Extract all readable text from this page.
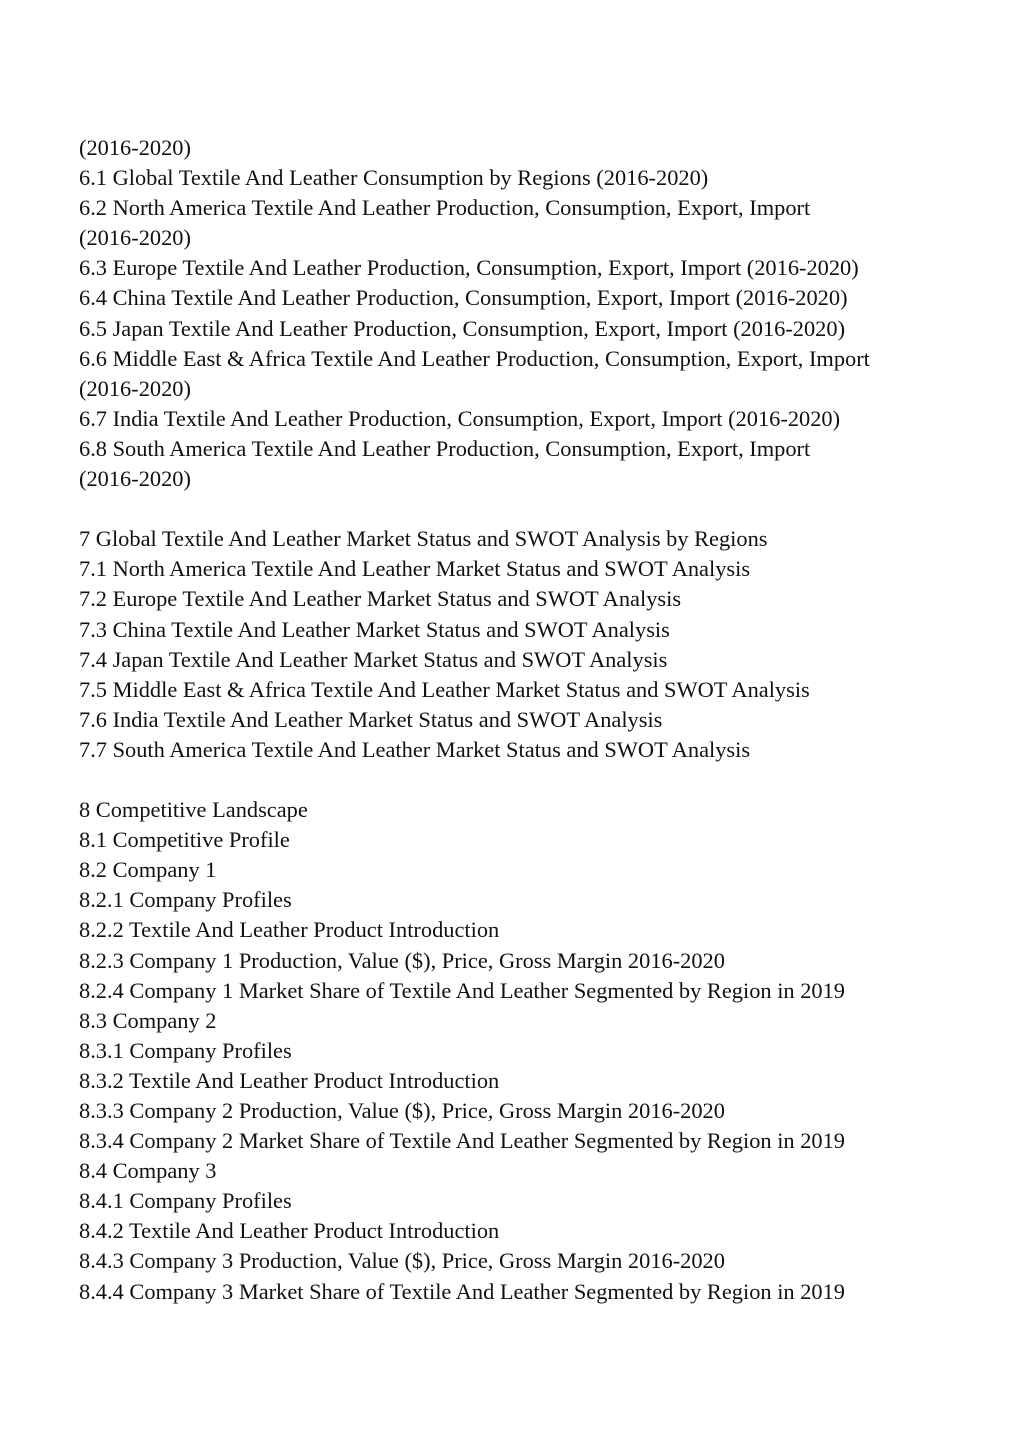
(2016-2020)
6.1 Global Textile And Leather Consumption by Regions (2016-2020)
6.2 North America Textile And Leather Production, Consumption, Export, Import
(2016-2020)
6.3 Europe Textile And Leather Production, Consumption, Export, Import (2016-2020)
6.4 China Textile And Leather Production, Consumption, Export, Import (2016-2020)
6.5 Japan Textile And Leather Production, Consumption, Export, Import (2016-2020)
6.6 Middle East & Africa Textile And Leather Production, Consumption, Export, Import
(2016-2020)
6.7 India Textile And Leather Production, Consumption, Export, Import (2016-2020)
6.8 South America Textile And Leather Production, Consumption, Export, Import
(2016-2020)
7 Global Textile And Leather Market Status and SWOT Analysis by Regions
7.1 North America Textile And Leather Market Status and SWOT Analysis
7.2 Europe Textile And Leather Market Status and SWOT Analysis
7.3 China Textile And Leather Market Status and SWOT Analysis
7.4 Japan Textile And Leather Market Status and SWOT Analysis
7.5 Middle East & Africa Textile And Leather Market Status and SWOT Analysis
7.6 India Textile And Leather Market Status and SWOT Analysis
7.7 South America Textile And Leather Market Status and SWOT Analysis
8 Competitive Landscape
8.1 Competitive Profile
8.2 Company 1
8.2.1 Company Profiles
8.2.2 Textile And Leather Product Introduction
8.2.3 Company 1 Production, Value ($), Price, Gross Margin 2016-2020
8.2.4 Company 1 Market Share of Textile And Leather Segmented by Region in 2019
8.3 Company 2
8.3.1 Company Profiles
8.3.2 Textile And Leather Product Introduction
8.3.3 Company 2 Production, Value ($), Price, Gross Margin 2016-2020
8.3.4 Company 2 Market Share of Textile And Leather Segmented by Region in 2019
8.4 Company 3
8.4.1 Company Profiles
8.4.2 Textile And Leather Product Introduction
8.4.3 Company 3 Production, Value ($), Price, Gross Margin 2016-2020
8.4.4 Company 3 Market Share of Textile And Leather Segmented by Region in 2019
